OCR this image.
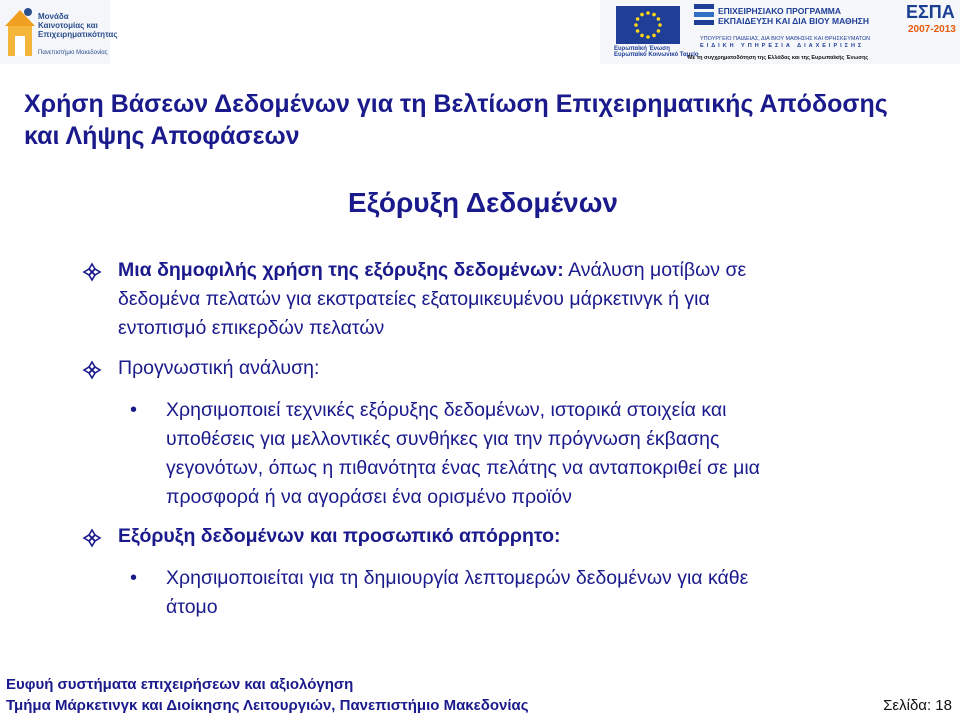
Μονάδα
Καινοτομίας και
Επιχειρηματικότητας
Πανεπιστήμιο Μακεδονίας
Ευρωπαϊκή Ένωση
Ευρωπαϊκό Κοινωνικό Ταμείο
ΕΠΙΧΕΙΡΗΣΙΑΚΟ ΠΡΟΓΡΑΜΜΑ
ΕΚΠΑΙΔΕΥΣΗ ΚΑΙ ΔΙΑ ΒΙΟΥ ΜΑΘΗΣΗ
ΥΠΟΥΡΓΕΙΟ ΠΑΙΔΕΙΑΣ, ΔΙΑ ΒΙΟΥ ΜΑΘΗΣΗΣ ΚΑΙ ΘΡΗΣΚΕΥΜΑΤΩΝ
ΕΙΔΙΚΗ ΥΠΗΡΕΣΙΑ ΔΙΑΧΕΙΡΙΣΗΣ
Με τη συγχρηματοδότηση της Ελλάδας και της Ευρωπαϊκής Ένωσης
ΕΣΠΑ
2007-2013
Χρήση Βάσεων Δεδομένων για τη Βελτίωση Επιχειρηματικής Απόδοσης
και Λήψης Αποφάσεων
Εξόρυξη Δεδομένων

Μια δημοφιλής χρήση της εξόρυξης δεδομένων: Ανάλυση μοτίβων σε

δεδομένα πελατών για εκστρατείες εξατομικευμένου μάρκετινγκ ή για

εντοπισμό επικερδών πελατών

Προγνωστική ανάλυση:

• Χρησιμοποιεί τεχνικές εξόρυξης δεδομένων, ιστορικά στοιχεία και

υποθέσεις για μελλοντικές συνθήκες για την πρόγνωση έκβασης

γεγονότων, όπως η πιθανότητα ένας πελάτης να ανταποκριθεί σε μια

προσφορά ή να αγοράσει ένα ορισμένο προϊόν

Εξόρυξη δεδομένων και προσωπικό απόρρητο:

• Χρησιμοποιείται για τη δημιουργία λεπτομερών δεδομένων για κάθε

άτομο

Ευφυή συστήματα επιχειρήσεων και αξιολόγηση
Τμήμα Μάρκετινγκ και Διοίκησης Λειτουργιών, Πανεπιστήμιο Μακεδονίας	Σελίδα: 18
